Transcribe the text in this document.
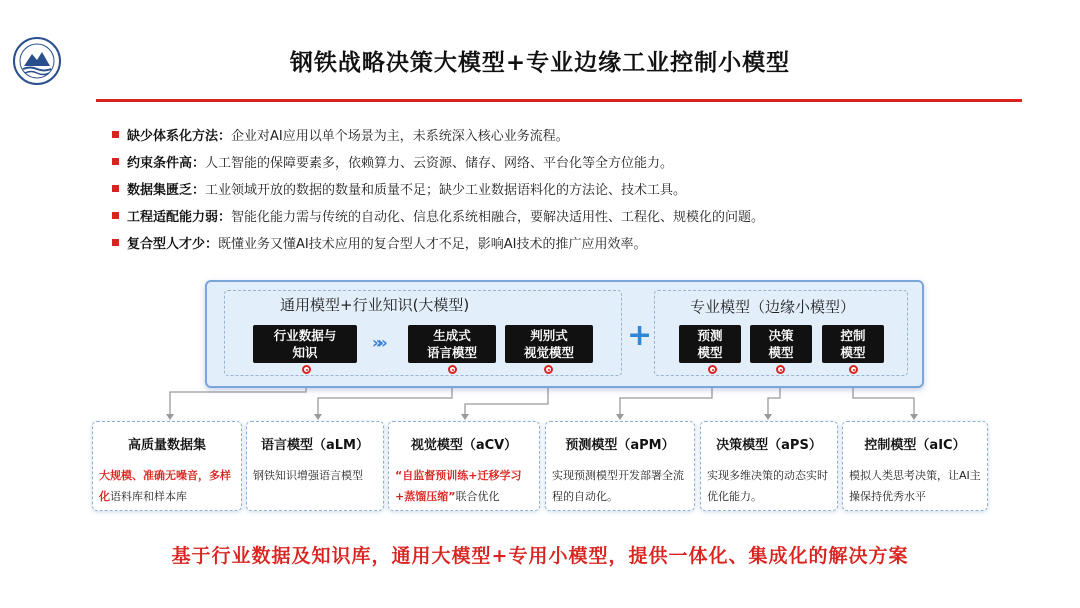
钢铁战略决策大模型+专业边缘工业控制小模型
缺少体系化方法： 企业对AI应用以单个场景为主，未系统深入核心业务流程。
约束条件高： 人工智能的保障要素多，依赖算力、云资源、储存、网络、平台化等全方位能力。
数据集匮乏： 工业领域开放的数据的数量和质量不足；缺少工业数据语料化的方法论、技术工具。
工程适配能力弱： 智能化能力需与传统的自动化、信息化系统相融合，要解决适用性、工程化、规模化的问题。
复合型人才少： 既懂业务又懂AI技术应用的复合型人才不足，影响AI技术的推广应用效率。
通用模型+行业知识(大模型)	专业模型（边缘小模型）
行业数据与
知识
»»	生成式
语言模型
判别式
视觉模型 +	预测
模型
决策
模型
控制
模型
高质量数据集
大规模、准确无噪音，多样化语料库和样本库
语言模型（aLM）
钢铁知识增强语言模型
视觉模型（aCV）
“自监督预训练+迁移学习+蒸馏压缩”联合优化
预测模型（aPM）
实现预测模型开发部署全流程的自动化。
决策模型（aPS）
实现多维决策的动态实时优化能力。
控制模型（aIC）
模拟人类思考决策，让AI主操保持优秀水平
基于行业数据及知识库，通用大模型+专用小模型，提供一体化、集成化的解决方案
